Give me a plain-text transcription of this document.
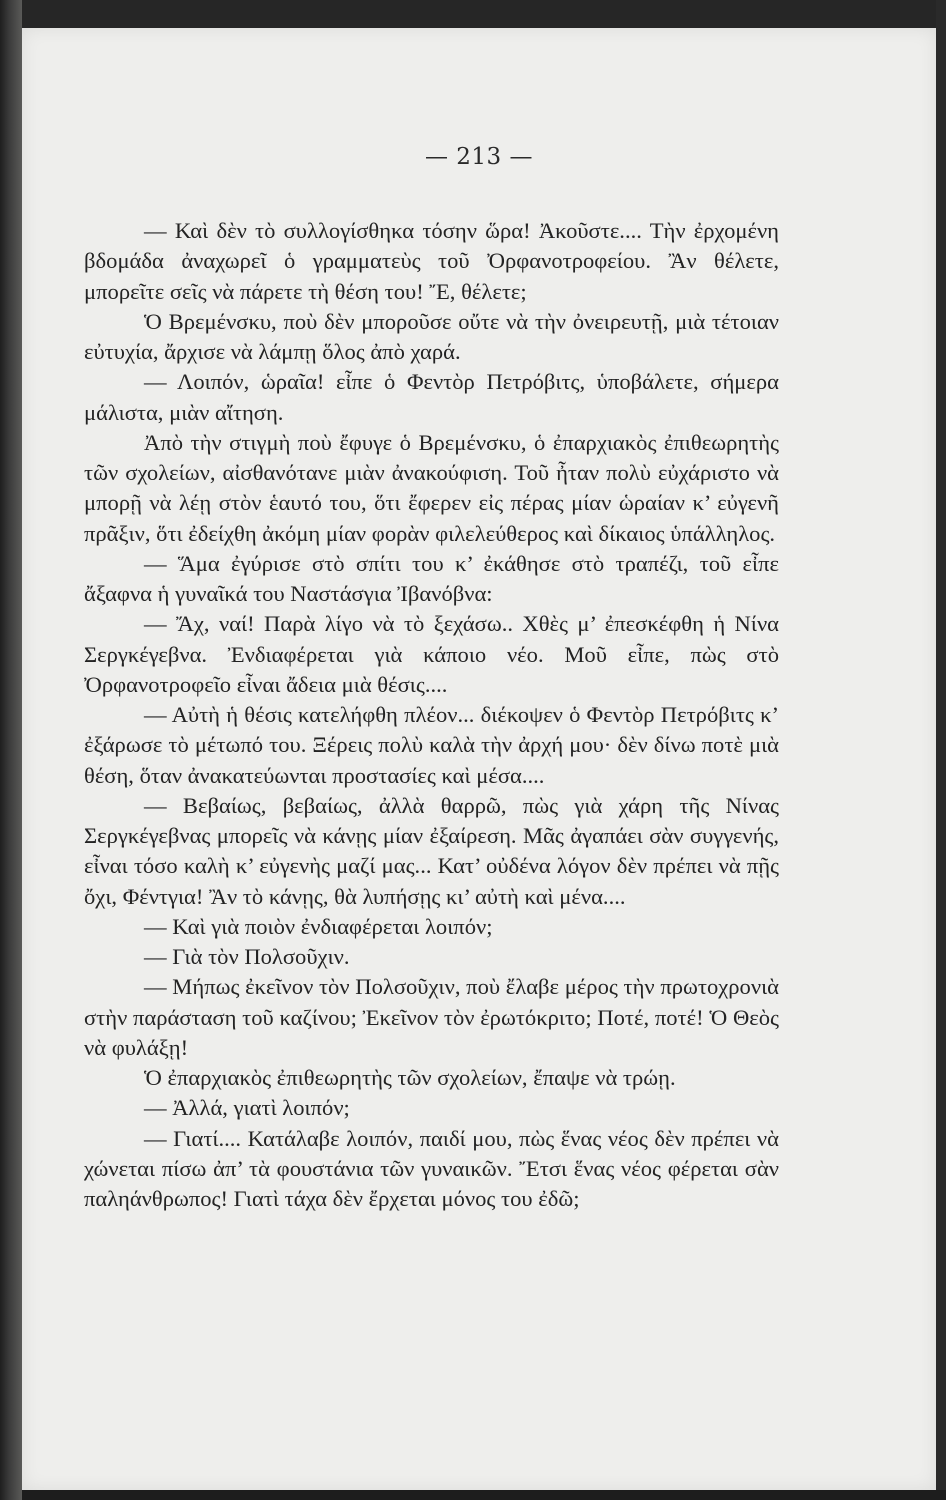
— 213 —

— Καὶ δὲν τὸ συλλογίσθηκα τόσην ὥρα! Ἀκοῦστε.... Τὴν ἐρχομένη βδομάδα ἀναχωρεῖ ὁ γραμματεὺς τοῦ Ὀρφανοτροφείου. Ἂν θέλετε, μπορεῖτε σεῖς νὰ πάρετε τὴ θέση του! Ἔ, θέλετε;

Ὁ Βρεμένσκυ, ποὺ δὲν μποροῦσε οὔτε νὰ τὴν ὀνειρευτῇ, μιὰ τέτοιαν εὐτυχία, ἄρχισε νὰ λάμπῃ ὅλος ἀπὸ χαρά.

— Λοιπόν, ὡραῖα! εἶπε ὁ Φεντὸρ Πετρόβιτς, ὑποβάλετε, σήμερα μάλιστα, μιὰν αἴτηση.

Ἀπὸ τὴν στιγμὴ ποὺ ἔφυγε ὁ Βρεμένσκυ, ὁ ἐπαρχιακὸς ἐπιθεωρητὴς τῶν σχολείων, αἰσθανότανε μιὰν ἀνακούφιση. Τοῦ ἦταν πολὺ εὐχάριστο νὰ μπορῇ νὰ λέῃ στὸν ἑαυτό του, ὅτι ἔφερεν εἰς πέρας μίαν ὡραίαν κ’ εὐγενῆ πρᾶξιν, ὅτι ἐδείχθη ἀκόμη μίαν φορὰν φιλελεύθερος καὶ δίκαιος ὑπάλληλος.

— Ἅμα ἐγύρισε στὸ σπίτι του κ’ ἐκάθησε στὸ τραπέζι, τοῦ εἶπε ἄξαφνα ἡ γυναῖκά του Ναστάσγια Ἰβανόβνα:

— Ἄχ, ναί! Παρὰ λίγο νὰ τὸ ξεχάσω.. Χθὲς μ’ ἐπεσκέφθη ἡ Νίνα Σεργκέγεβνα. Ἐνδιαφέρεται γιὰ κάποιο νέο. Μοῦ εἶπε, πὼς στὸ Ὀρφανοτροφεῖο εἶναι ἄδεια μιὰ θέσις....

— Αὐτὴ ἡ θέσις κατελήφθη πλέον... διέκοψεν ὁ Φεντὸρ Πετρόβιτς κ’ ἐξάρωσε τὸ μέτωπό του. Ξέρεις πολὺ καλὰ τὴν ἀρχή μου· δὲν δίνω ποτὲ μιὰ θέση, ὅταν ἀνακατεύωνται προστασίες καὶ μέσα....

— Βεβαίως, βεβαίως, ἀλλὰ θαρρῶ, πὼς γιὰ χάρη τῆς Νίνας Σεργκέγεβνας μπορεῖς νὰ κάνῃς μίαν ἐξαίρεση. Μᾶς ἀγαπάει σὰν συγγενής, εἶναι τόσο καλὴ κ’ εὐγενὴς μαζί μας... Κατ’ οὐδένα λόγον δὲν πρέπει νὰ πῇς ὄχι, Φέντγια! Ἂν τὸ κάνῃς, θὰ λυπήσῃς κι’ αὐτὴ καὶ μένα....

— Καὶ γιὰ ποιὸν ἐνδιαφέρεται λοιπόν;

— Γιὰ τὸν Πολσοῦχιν.

— Μήπως ἐκεῖνον τὸν Πολσοῦχιν, ποὺ ἔλαβε μέρος τὴν πρωτοχρονιὰ στὴν παράσταση τοῦ καζίνου; Ἐκεῖνον τὸν ἐρωτόκριτο; Ποτέ, ποτέ! Ὁ Θεὸς νὰ φυλάξῃ!

Ὁ ἐπαρχιακὸς ἐπιθεωρητὴς τῶν σχολείων, ἔπαψε νὰ τρώῃ.

— Ἀλλά, γιατὶ λοιπόν;

— Γιατί.... Κατάλαβε λοιπόν, παιδί μου, πὼς ἕνας νέος δὲν πρέπει νὰ χώνεται πίσω ἀπ’ τὰ φουστάνια τῶν γυναικῶν. Ἔτσι ἕνας νέος φέρεται σὰν παληάνθρωπος! Γιατὶ τάχα δὲν ἔρχεται μόνος του ἐδῶ;
